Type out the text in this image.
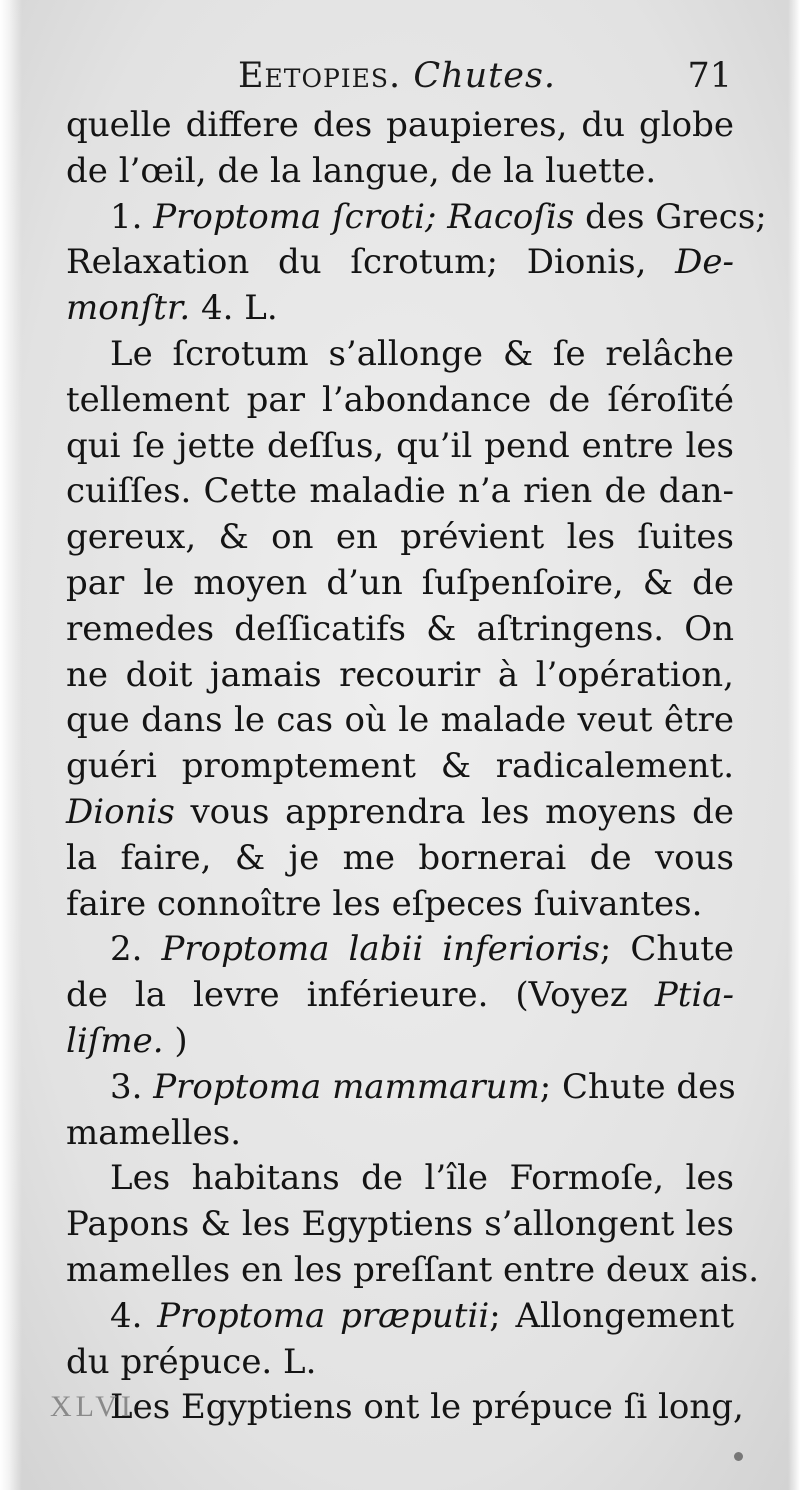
Eetopies. Chutes.	71
quelle differe des paupieres, du globe
de l’œil, de la langue, de la luette.
1. Proptoma ſcroti; Racoſis des Grecs;
Relaxation du ſcrotum; Dionis, De-
monſtr. 4. L.
Le ſcrotum s’allonge & ſe relâche
tellement par l’abondance de ſéroſité
qui ſe jette deſſus, qu’il pend entre les
cuiſſes. Cette maladie n’a rien de dan-
gereux, & on en prévient les ſuites
par le moyen d’un ſuſpenſoire, & de
remedes deſſicatifs & aſtringens. On
ne doit jamais recourir à l’opération,
que dans le cas où le malade veut être
guéri promptement & radicalement.
Dionis vous apprendra les moyens de
la faire, & je me bornerai de vous
faire connoître les eſpeces ſuivantes.
2. Proptoma labii inferioris; Chute
de la levre inférieure. (Voyez Ptia-
liſme. )
3. Proptoma mammarum; Chute des
mamelles.
Les habitans de l’île Formoſe, les
Papons & les Egyptiens s’allongent les
mamelles en les preſſant entre deux ais.
4. Proptoma præputii; Allongement
du prépuce. L.
Les Egyptiens ont le prépuce ſi long,
XLVI
